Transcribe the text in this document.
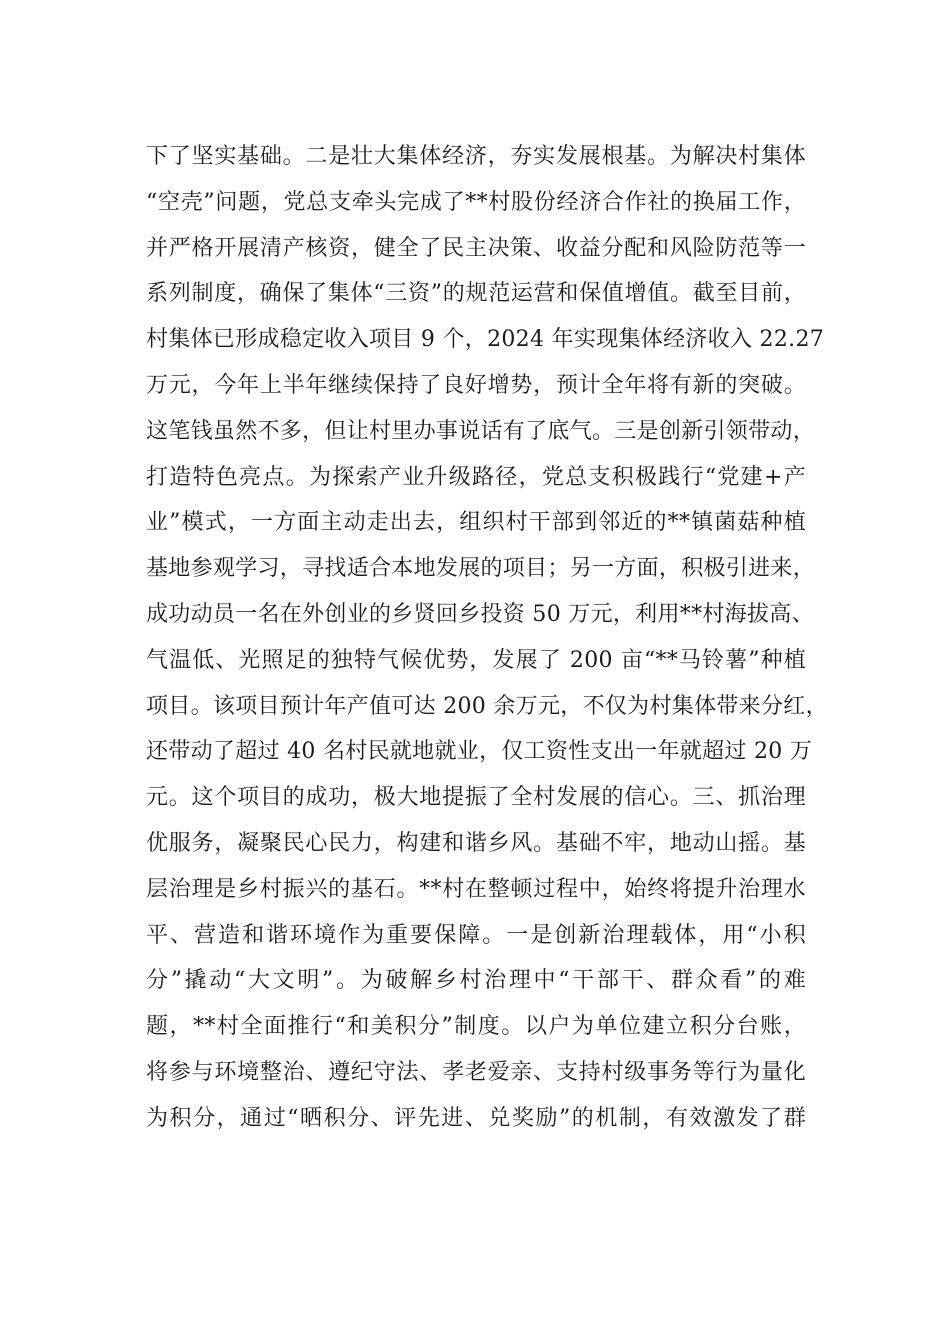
下了坚实基础。二是壮大集体经济，夯实发展根基。为解决村集体
“空壳”问题，党总支牵头完成了**村股份经济合作社的换届工作，
并严格开展清产核资，健全了民主决策、收益分配和风险防范等一
系列制度，确保了集体“三资”的规范运营和保值增值。截至目前，
村集体已形成稳定收入项目 9 个，2024 年实现集体经济收入 22.27
万元，今年上半年继续保持了良好增势，预计全年将有新的突破。
这笔钱虽然不多，但让村里办事说话有了底气。三是创新引领带动，
打造特色亮点。为探索产业升级路径，党总支积极践行“党建+产
业”模式，一方面主动走出去，组织村干部到邻近的**镇菌菇种植
基地参观学习，寻找适合本地发展的项目；另一方面，积极引进来，
成功动员一名在外创业的乡贤回乡投资 50 万元，利用**村海拔高、
气温低、光照足的独特气候优势，发展了 200 亩“**马铃薯”种植
项目。该项目预计年产值可达 200 余万元，不仅为村集体带来分红，
还带动了超过 40 名村民就地就业，仅工资性支出一年就超过 20 万
元。这个项目的成功，极大地提振了全村发展的信心。三、抓治理
优服务，凝聚民心民力，构建和谐乡风。基础不牢，地动山摇。基
层治理是乡村振兴的基石。**村在整顿过程中，始终将提升治理水
平、营造和谐环境作为重要保障。一是创新治理载体，用“小积
分”撬动“大文明”。为破解乡村治理中“干部干、群众看”的难
题，**村全面推行“和美积分”制度。以户为单位建立积分台账，
将参与环境整治、遵纪守法、孝老爱亲、支持村级事务等行为量化
为积分，通过“晒积分、评先进、兑奖励”的机制，有效激发了群
